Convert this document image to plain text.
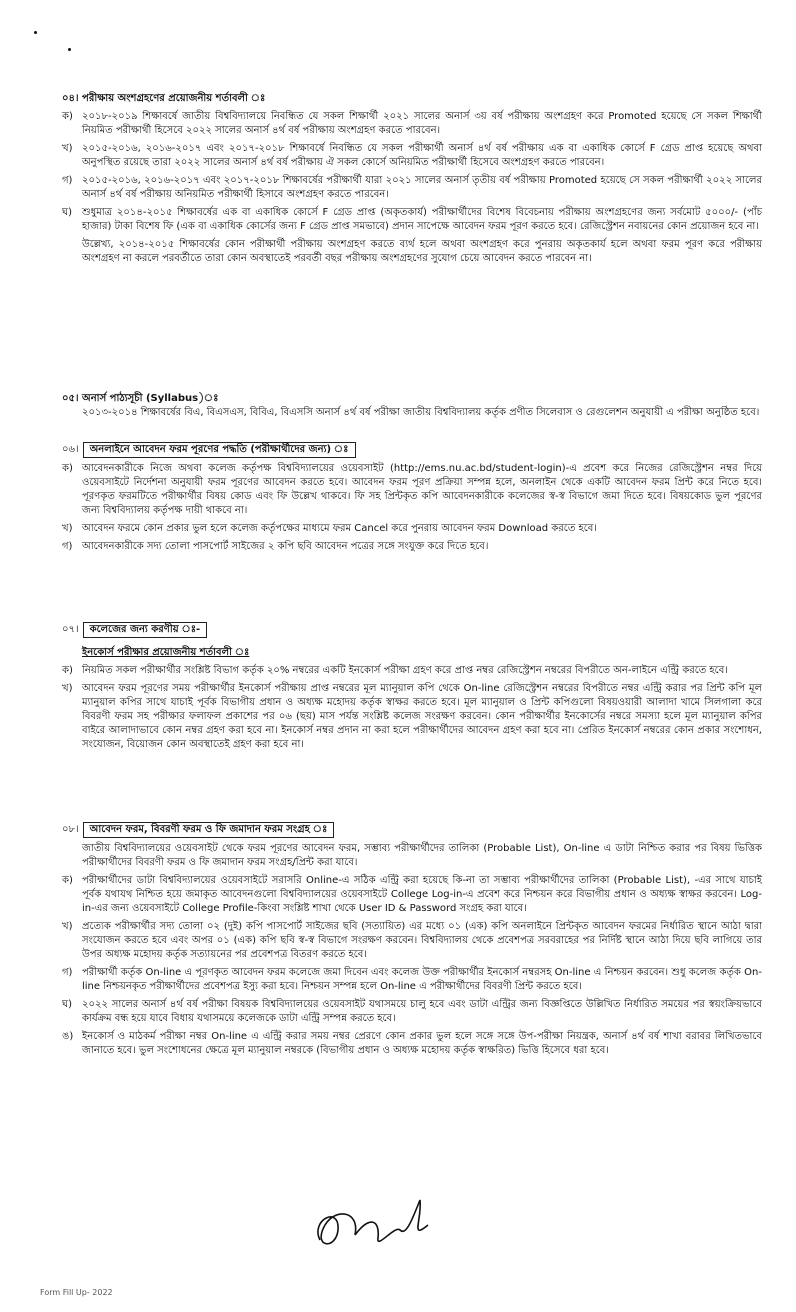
০৪। পরীক্ষায় অংশগ্রহণের প্রয়োজনীয় শর্তাবলী ঃ
ক) ২০১৮-২০১৯ শিক্ষাবর্ষে জাতীয় বিশ্ববিদ্যালয়ে নিবন্ধিত যে সকল শিক্ষার্থী ২০২১ সালের অনার্স ৩য় বর্ষ পরীক্ষায় অংশগ্রহণ করে Promoted হয়েছে সে সকল শিক্ষার্থী নিয়মিত পরীক্ষার্থী হিসেবে ২০২২ সালের অনার্স ৪র্থ বর্ষ পরীক্ষায় অংশগ্রহণ করতে পারবেন।
খ) ২০১৫-২০১৬, ২০১৬-২০১৭ এবং ২০১৭-২০১৮ শিক্ষাবর্ষে নিবন্ধিত যে সকল পরীক্ষার্থী অনার্স ৪র্থ বর্ষ পরীক্ষায় এক বা একাধিক কোর্সে F গ্রেড প্রাপ্ত হয়েছে অথবা অনুপস্থিত রয়েছে তারা ২০২২ সালের অনার্স ৪র্থ বর্ষ পরীক্ষায় ঐ সকল কোর্সে অনিয়মিত পরীক্ষার্থী হিসেবে অংশগ্রহণ করতে পারবেন।
গ) ২০১৫-২০১৬, ২০১৬-২০১৭ এবং ২০১৭-২০১৮ শিক্ষাবর্ষের পরীক্ষার্থী যারা ২০২১ সালের অনার্স তৃতীয় বর্ষ পরীক্ষায় Promoted হয়েছে সে সকল পরীক্ষার্থী ২০২২ সালের অনার্স ৪র্থ বর্ষ পরীক্ষায় অনিয়মিত পরীক্ষার্থী হিসাবে অংশগ্রহণ করতে পারবেন।
ঘ) শুধুমাত্র ২০১৪-২০১৫ শিক্ষাবর্ষের এক বা একাধিক কোর্সে F গ্রেড প্রাপ্ত (অকৃতকার্য) পরীক্ষার্থীদের বিশেষ বিবেচনায় পরীক্ষায় অংশগ্রহণের জন্য সর্বমোট ৫০০০/- (পাঁচ হাজার) টাকা বিশেষ ফি (এক বা একাধিক কোর্সের জন্য F গ্রেড প্রাপ্ত সমভাবে) প্রদান সাপেক্ষে আবেদন ফরম পূরণ করতে হবে। রেজিস্ট্রেশন নবায়নের কোন প্রয়োজন হবে না।
উল্লেখ্য, ২০১৪-২০১৫ শিক্ষাবর্ষের কোন পরীক্ষার্থী পরীক্ষায় অংশগ্রহণ করতে ব্যর্থ হলে অথবা অংশগ্রহণ করে পুনরায় অকৃতকার্য হলে অথবা ফরম পূরণ করে পরীক্ষায় অংশগ্রহণ না করলে পরবর্তীতে তারা কোন অবস্থাতেই পরবর্তী বছর পরীক্ষায় অংশগ্রহণের সুযোগ চেয়ে আবেদন করতে পারবেন না।
০৫। অনার্স পাঠ্যসূচী (Syllabus)ঃ
২০১৩-২০১৪ শিক্ষাবর্ষের বিএ, বিএসএস, বিবিএ, বিএসসি অনার্স ৪র্থ বর্ষ পরীক্ষা জাতীয় বিশ্ববিদ্যালয় কর্তৃক প্রণীত সিলেবাস ও রেগুলেশন অনুযায়ী এ পরীক্ষা অনুষ্ঠিত হবে।
০৬। অনলাইনে আবেদন ফরম পূরণের পদ্ধতি (পরীক্ষার্থীদের জন্য) ঃ
ক) আবেদনকারীকে নিজে অথবা কলেজ কর্তৃপক্ষ বিশ্ববিদ্যালয়ের ওয়েবসাইট (http://ems.nu.ac.bd/student-login)-এ প্রবেশ করে নিজের রেজিস্ট্রেশন নম্বর দিয়ে ওয়েবসাইটে নির্দেশনা অনুযায়ী ফরম পূরণের আবেদন করতে হবে। আবেদন ফরম পূরণ প্রক্রিয়া সম্পন্ন হলে, অনলাইন থেকে একটি আবেদন ফরম প্রিন্ট করে নিতে হবে। পূরণকৃত ফরমটিতে পরীক্ষার্থীর বিষয় কোড এবং ফি উল্লেখ থাকবে। ফি সহ প্রিন্টকৃত কপি আবেদনকারীকে কলেজের স্ব-স্ব বিভাগে জমা দিতে হবে। বিষয়কোড ভুল পূরণের জন্য বিশ্ববিদ্যালয় কর্তৃপক্ষ দায়ী থাকবে না।
খ) আবেদন ফরমে কোন প্রকার ভুল হলে কলেজ কর্তৃপক্ষের মাধ্যমে ফরম Cancel করে পুনরায় আবেদন ফরম Download করতে হবে।
গ) আবেদনকারীকে সদ্য তোলা পাসপোর্ট সাইজের ২ কপি ছবি আবেদন পত্রের সঙ্গে সংযুক্ত করে দিতে হবে।
০৭। কলেজের জন্য করণীয় ঃ-
ইনকোর্স পরীক্ষার প্রয়োজনীয় শর্তাবলী ঃ
ক) নিয়মিত সকল পরীক্ষার্থীর সংশ্লিষ্ট বিভাগ কর্তৃক ২০% নম্বরের একটি ইনকোর্স পরীক্ষা গ্রহণ করে প্রাপ্ত নম্বর রেজিস্ট্রেশন নম্বরের বিপরীতে অন-লাইনে এন্ট্রি করতে হবে।
খ) আবেদন ফরম পূরণের সময় পরীক্ষার্থীর ইনকোর্স পরীক্ষায় প্রাপ্ত নম্বরের মূল ম্যানুয়াল কপি থেকে On-line রেজিস্ট্রেশন নম্বরের বিপরীতে নম্বর এন্ট্রি করার পর প্রিন্ট কপি মূল ম্যানুয়াল কপির সাথে যাচাই পূর্বক বিভাগীয় প্রধান ও অধ্যক্ষ মহোদয় কর্তৃক স্বাক্ষর করতে হবে। মূল ম্যানুয়াল ও প্রিন্ট কপিগুলো বিষয়ওয়ারী আলাদা খামে সিলগালা করে বিবরণী ফরম সহ পরীক্ষার ফলাফল প্রকাশের পর ০৬ (ছয়) মাস পর্যন্ত সংশ্লিষ্ট কলেজ সংরক্ষণ করবেন। কোন পরীক্ষার্থীর ইনকোর্সের নম্বরে সমস্যা হলে মূল ম্যানুয়াল কপির বাইরে আলাদাভাবে কোন নম্বর গ্রহণ করা হবে না। ইনকোর্স নম্বর প্রদান না করা হলে পরীক্ষার্থীদের আবেদন গ্রহণ করা হবে না। প্রেরিত ইনকোর্স নম্বরের কোন প্রকার সংশোধন, সংযোজন, বিয়োজন কোন অবস্থাতেই গ্রহণ করা হবে না।
০৮। আবেদন ফরম, বিবরণী ফরম ও ফি জমাদান ফরম সংগ্রহ ঃ
জাতীয় বিশ্ববিদ্যালয়ের ওয়েবসাইট থেকে ফরম পূরণের আবেদন ফরম, সম্ভাব্য পরীক্ষার্থীদের তালিকা (Probable List), On-line এ ডাটা নিশ্চিত করার পর বিষয় ভিত্তিক পরীক্ষার্থীদের বিবরণী ফরম ও ফি জমাদান ফরম সংগ্রহ/প্রিন্ট করা যাবে।
ক) পরীক্ষার্থীদের ডাটা বিশ্ববিদ্যালয়ের ওয়েবসাইটে সরাসরি Online-এ সঠিক এন্ট্রি করা হয়েছে কি-না তা সম্ভাব্য পরীক্ষার্থীদের তালিকা (Probable List), -এর সাথে যাচাই পূর্বক যথাযথ নিশ্চিত হয়ে জমাকৃত আবেদনগুলো বিশ্ববিদ্যালয়ের ওয়েবসাইটে College Log-in-এ প্রবেশ করে নিশ্চয়ন করে বিভাগীয় প্রধান ও অধ্যক্ষ স্বাক্ষর করবেন। Log-in-এর জন্য ওয়েবসাইটে College Profile-কিংবা সংশ্লিষ্ট শাখা থেকে User ID & Password সংগ্রহ করা যাবে।
খ) প্রত্যেক পরীক্ষার্থীর সদ্য তোলা ০২ (দুই) কপি পাসপোর্ট সাইজের ছবি (সত্যায়িত) এর মধ্যে ০১ (এক) কপি অনলাইনে প্রিন্টকৃত আবেদন ফরমের নির্ধারিত স্থানে আঠা দ্বারা সংযোজন করতে হবে এবং অপর ০১ (এক) কপি ছবি স্ব-স্ব বিভাগে সংরক্ষণ করবেন। বিশ্ববিদ্যালয় থেকে প্রবেশপত্র সরবরাহের পর নির্দিষ্ট স্থানে আঠা দিয়ে ছবি লাগিয়ে তার উপর অধ্যক্ষ মহোদয় কর্তৃক সত্যায়নের পর প্রবেশপত্র বিতরণ করতে হবে।
গ) পরীক্ষার্থী কর্তৃক On-line এ পূরণকৃত আবেদন ফরম কলেজে জমা দিবেন এবং কলেজ উক্ত পরীক্ষার্থীর ইনকোর্স নম্বরসহ On-line এ নিশ্চয়ন করবেন। শুধু কলেজ কর্তৃক On-line নিশ্চয়নকৃত পরীক্ষার্থীদের প্রবেশপত্র ইস্যু করা হবে। নিশ্চয়ন সম্পন্ন হলে On-line এ পরীক্ষার্থীদের বিবরণী প্রিন্ট করতে হবে।
ঘ) ২০২২ সালের অনার্স ৪র্থ বর্ষ পরীক্ষা বিষয়ক বিশ্ববিদ্যালয়ের ওয়েবসাইট যথাসময়ে চালু হবে এবং ডাটা এন্ট্রির জন্য বিজ্ঞপ্তিতে উল্লিখিত নির্ধারিত সময়ের পর স্বয়ংক্রিয়ভাবে কার্যক্রম বন্ধ হয়ে যাবে বিধায় যথাসময়ে কলেজকে ডাটা এন্ট্রি সম্পন্ন করতে হবে।
ঙ) ইনকোর্স ও মাঠকর্ম পরীক্ষা নম্বর On-line এ এন্ট্রি করার সময় নম্বর প্রেরণে কোন প্রকার ভুল হলে সঙ্গে সঙ্গে উপ-পরীক্ষা নিয়ন্ত্রক, অনার্স ৪র্থ বর্ষ শাখা বরাবর লিখিতভাবে জানাতে হবে। ভুল সংশোধনের ক্ষেত্রে মূল ম্যানুয়াল নম্বরকে (বিভাগীয় প্রধান ও অধ্যক্ষ মহোদয় কর্তৃক স্বাক্ষরিত) ভিত্তি হিসেবে ধরা হবে।
Form Fill Up- 2022
